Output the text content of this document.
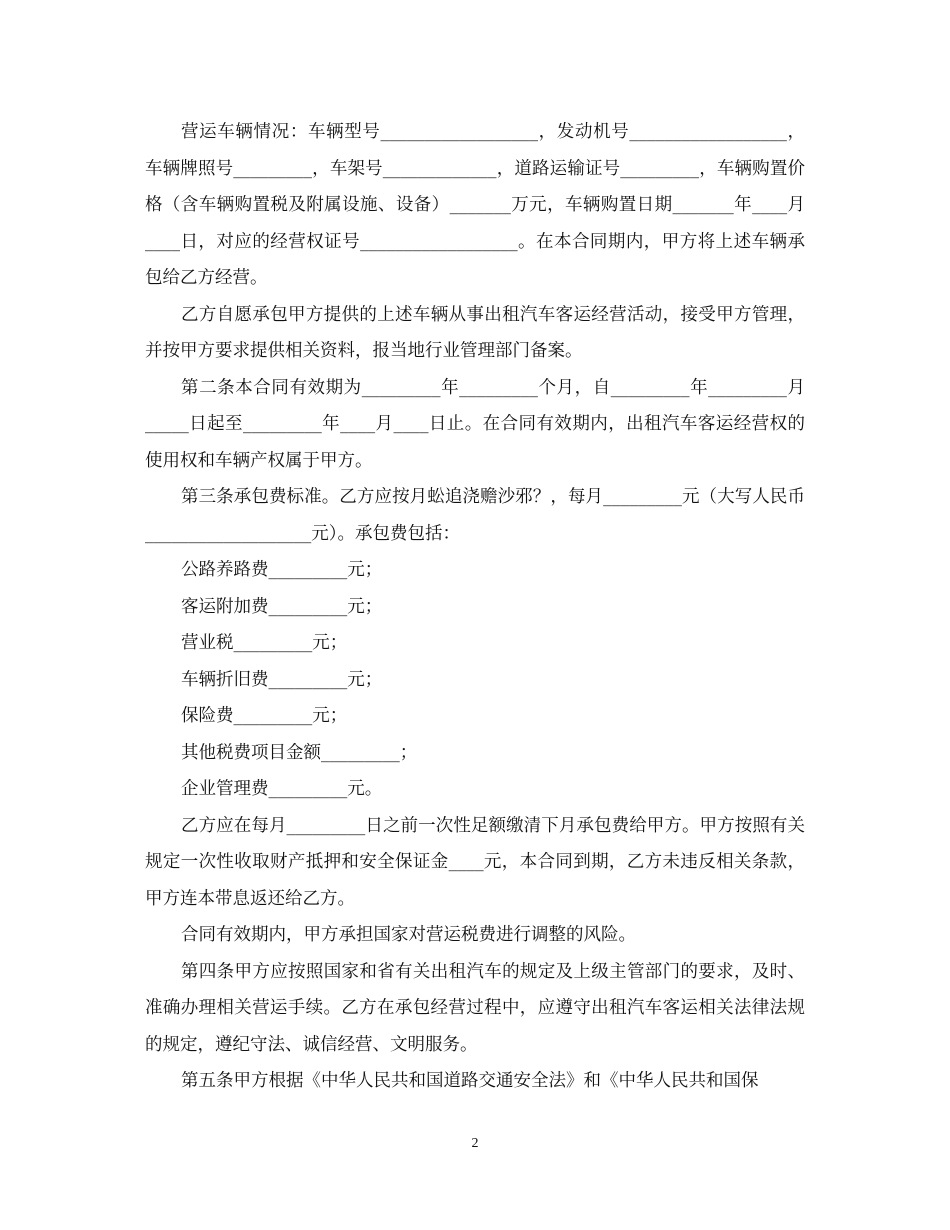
营运车辆情况：车辆型号__________________，发动机号__________________，车辆牌照号_________，车架号_____________，道路运输证号_________，车辆购置价格（含车辆购置税及附属设施、设备）_______万元，车辆购置日期_______年____月____日，对应的经营权证号__________________。在本合同期内，甲方将上述车辆承包给乙方经营。

乙方自愿承包甲方提供的上述车辆从事出租汽车客运经营活动，接受甲方管理，并按甲方要求提供相关资料，报当地行业管理部门备案。

第二条本合同有效期为_________年_________个月，自_________年_________月_____日起至_________年____月____日止。在合同有效期内，出租汽车客运经营权的使用权和车辆产权属于甲方。

第三条承包费标准。乙方应按月蚣追浇赡沙邪？，每月_________元（大写人民币___________________元）。承包费包括：

公路养路费_________元；

客运附加费_________元；

营业税_________元；

车辆折旧费_________元；

保险费_________元；

其他税费项目金额_________；

企业管理费_________元。

乙方应在每月_________日之前一次性足额缴清下月承包费给甲方。甲方按照有关规定一次性收取财产抵押和安全保证金____元，本合同到期，乙方未违反相关条款，甲方连本带息返还给乙方。

合同有效期内，甲方承担国家对营运税费进行调整的风险。

第四条甲方应按照国家和省有关出租汽车的规定及上级主管部门的要求，及时、准确办理相关营运手续。乙方在承包经营过程中，应遵守出租汽车客运相关法律法规的规定，遵纪守法、诚信经营、文明服务。

第五条甲方根据《中华人民共和国道路交通安全法》和《中华人民共和国保

2
